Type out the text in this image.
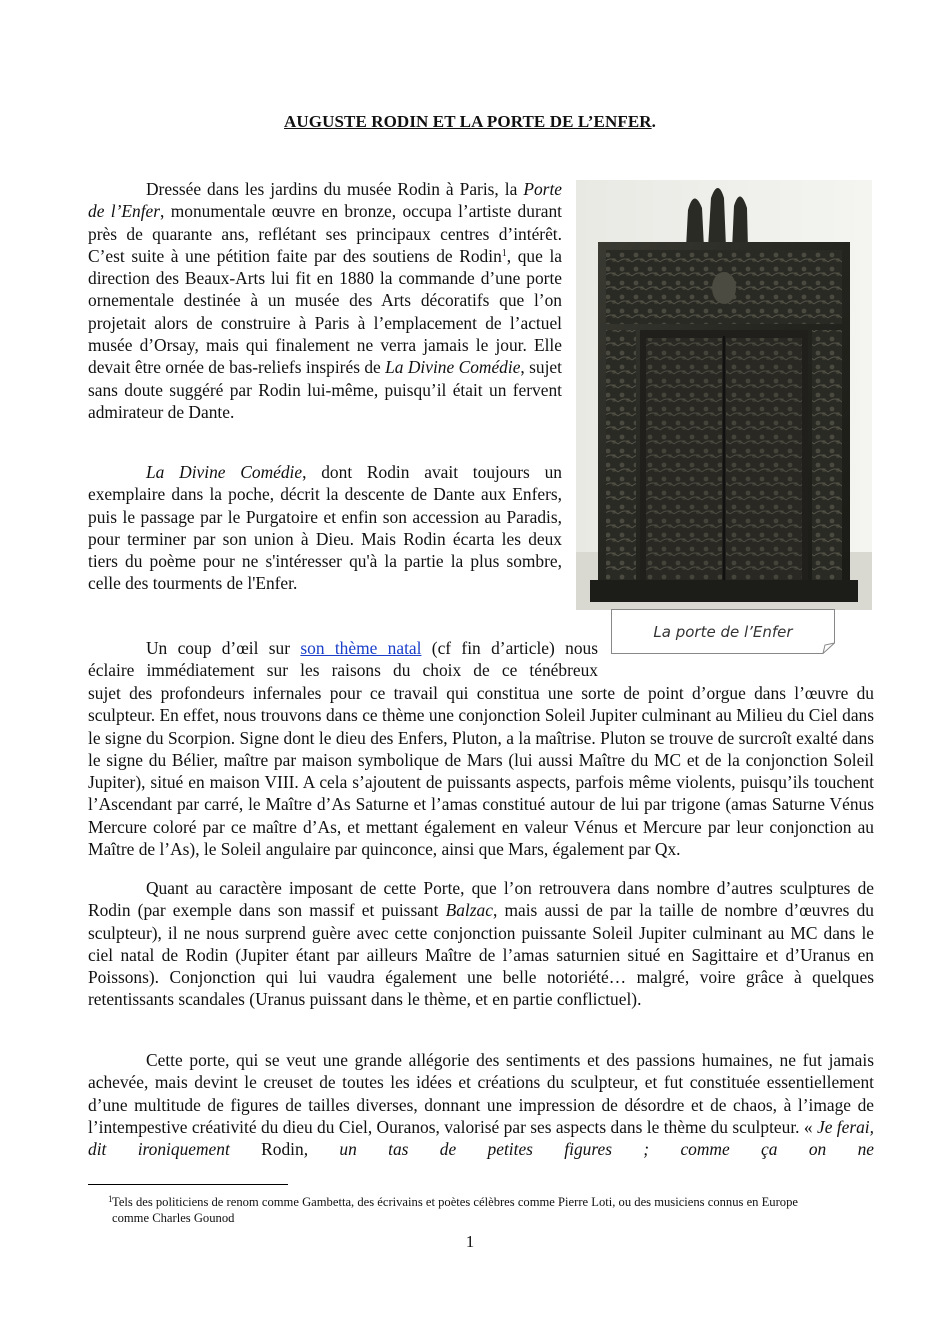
AUGUSTE RODIN ET LA PORTE DE L’ENFER.

Dressée dans les jardins du musée Rodin à Paris, la Porte de l’Enfer, monumentale œuvre en bronze, occupa l’artiste durant près de quarante ans, reflétant ses principaux centres d’intérêt. C’est suite à une pétition faite par des soutiens de Rodin$^1$, que la direction des Beaux-Arts lui fit en 1880 la commande d’une porte ornementale destinée à un musée des Arts décoratifs que l’on projetait alors de construire à Paris à l’emplacement de l’actuel musée d’Orsay, mais qui finalement ne verra jamais le jour. Elle devait être ornée de bas-reliefs inspirés de La Divine Comédie, sujet sans doute suggéré par Rodin lui-même, puisqu’il était un fervent admirateur de Dante.

La Divine Comédie, dont Rodin avait toujours un exemplaire dans la poche, décrit la descente de Dante aux Enfers, puis le passage par le Purgatoire et enfin son accession au Paradis, pour terminer par son union à Dieu. Mais Rodin écarta les deux tiers du poème pour ne s'intéresser qu'à la partie la plus sombre, celle des tourments de l'Enfer.

La porte de l’Enfer

Un coup d’œil sur son thème natal (cf fin d’article) nous

éclaire immédiatement sur les raisons du choix de ce ténébreux

sujet des profondeurs infernales pour ce travail qui constitua une sorte de point d’orgue dans l’œuvre du sculpteur. En effet, nous trouvons dans ce thème une conjonction Soleil Jupiter culminant au Milieu du Ciel dans le signe du Scorpion. Signe dont le dieu des Enfers, Pluton, a la maîtrise. Pluton se trouve de surcroît exalté dans le signe du Bélier, maître par maison symbolique de Mars (lui aussi Maître du MC et de la conjonction Soleil Jupiter), situé en maison VIII. A cela s’ajoutent de puissants aspects, parfois même violents, puisqu’ils touchent l’Ascendant par carré, le Maître d’As Saturne et l’amas constitué autour de lui par trigone (amas Saturne Vénus Mercure coloré par ce maître d’As, et mettant également en valeur Vénus et Mercure par leur conjonction au Maître de l’As), le Soleil angulaire par quinconce, ainsi que Mars, également par Qx.

Quant au caractère imposant de cette Porte, que l’on retrouvera dans nombre d’autres sculptures de Rodin (par exemple dans son massif et puissant Balzac, mais aussi de par la taille de nombre d’œuvres du sculpteur), il ne nous surprend guère avec cette conjonction puissante Soleil Jupiter culminant au MC dans le ciel natal de Rodin (Jupiter étant par ailleurs Maître de l’amas saturnien situé en Sagittaire et d’Uranus en Poissons). Conjonction qui lui vaudra également une belle notoriété… malgré, voire grâce à quelques retentissants scandales (Uranus puissant dans le thème, et en partie conflictuel).

Cette porte, qui se veut une grande allégorie des sentiments et des passions humaines, ne fut jamais achevée, mais devint le creuset de toutes les idées et créations du sculpteur, et fut constituée essentiellement d’une multitude de figures de tailles diverses, donnant une impression de désordre et de chaos, à l’image de l’intempestive créativité du dieu du Ciel, Ouranos, valorisé par ses aspects dans le thème du sculpteur. « Je ferai, dit ironiquement Rodin, un tas de petites figures ; comme ça on ne

1 Tels des politiciens de renom comme Gambetta, des écrivains et poètes célèbres comme Pierre Loti, ou des musiciens connus en Europe comme Charles Gounod
1
